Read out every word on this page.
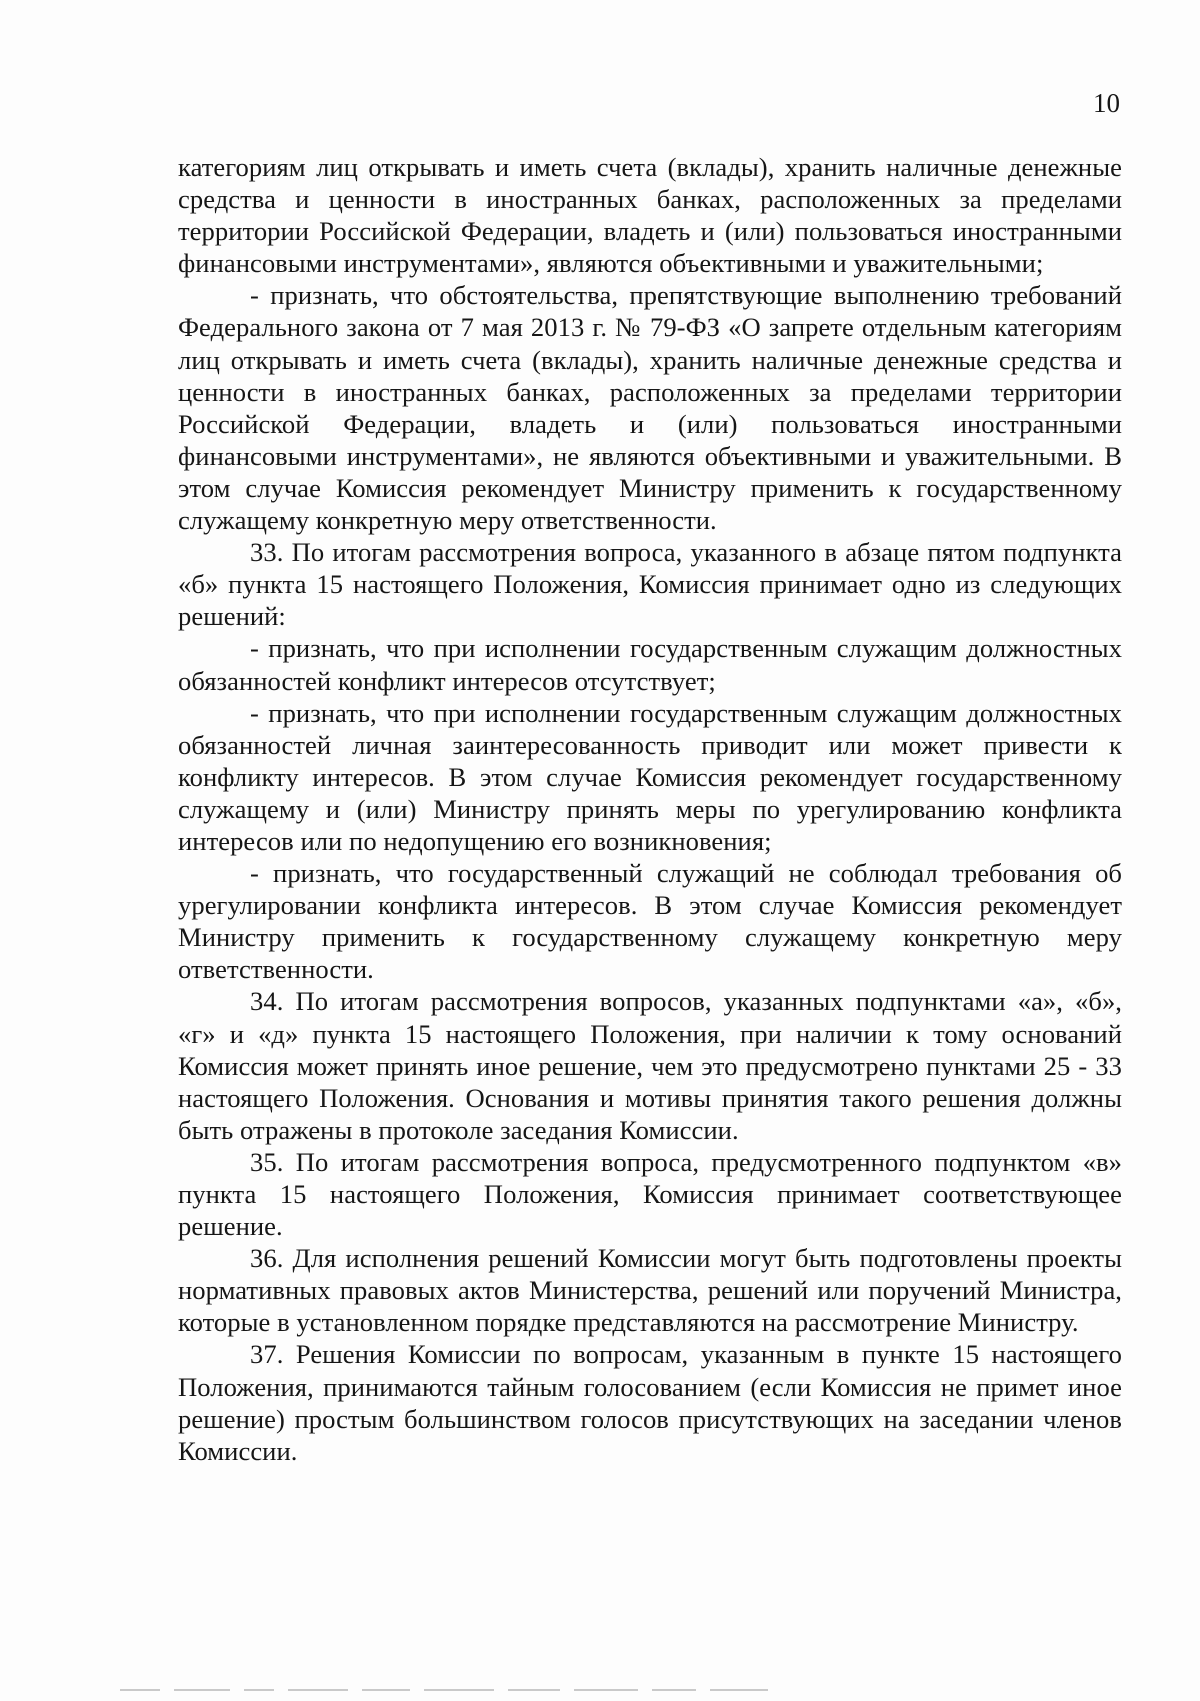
10

категориям лиц открывать и иметь счета (вклады), хранить наличные денежные средства и ценности в иностранных банках, расположенных за пределами территории Российской Федерации, владеть и (или) пользоваться иностранными финансовыми инструментами», являются объективными и уважительными;

- признать, что обстоятельства, препятствующие выполнению требований Федерального закона от 7 мая 2013 г. № 79-ФЗ «О запрете отдельным категориям лиц открывать и иметь счета (вклады), хранить наличные денежные средства и ценности в иностранных банках, расположенных за пределами территории Российской Федерации, владеть и (или) пользоваться иностранными финансовыми инструментами», не являются объективными и уважительными. В этом случае Комиссия рекомендует Министру применить к государственному служащему конкретную меру ответственности.

33. По итогам рассмотрения вопроса, указанного в абзаце пятом подпункта «б» пункта 15 настоящего Положения, Комиссия принимает одно из следующих решений:

- признать, что при исполнении государственным служащим должностных обязанностей конфликт интересов отсутствует;

- признать, что при исполнении государственным служащим должностных обязанностей личная заинтересованность приводит или может привести к конфликту интересов. В этом случае Комиссия рекомендует государственному служащему и (или) Министру принять меры по урегулированию конфликта интересов или по недопущению его возникновения;

- признать, что государственный служащий не соблюдал требования об урегулировании конфликта интересов. В этом случае Комиссия рекомендует Министру применить к государственному служащему конкретную меру ответственности.

34. По итогам рассмотрения вопросов, указанных подпунктами «а», «б», «г» и «д» пункта 15 настоящего Положения, при наличии к тому оснований Комиссия может принять иное решение, чем это предусмотрено пунктами 25 - 33 настоящего Положения. Основания и мотивы принятия такого решения должны быть отражены в протоколе заседания Комиссии.

35. По итогам рассмотрения вопроса, предусмотренного подпунктом «в» пункта 15 настоящего Положения, Комиссия принимает соответствующее решение.

36. Для исполнения решений Комиссии могут быть подготовлены проекты нормативных правовых актов Министерства, решений или поручений Министра, которые в установленном порядке представляются на рассмотрение Министру.

37. Решения Комиссии по вопросам, указанным в пункте 15 настоящего Положения, принимаются тайным голосованием (если Комиссия не примет иное решение) простым большинством голосов присутствующих на заседании членов Комиссии.
